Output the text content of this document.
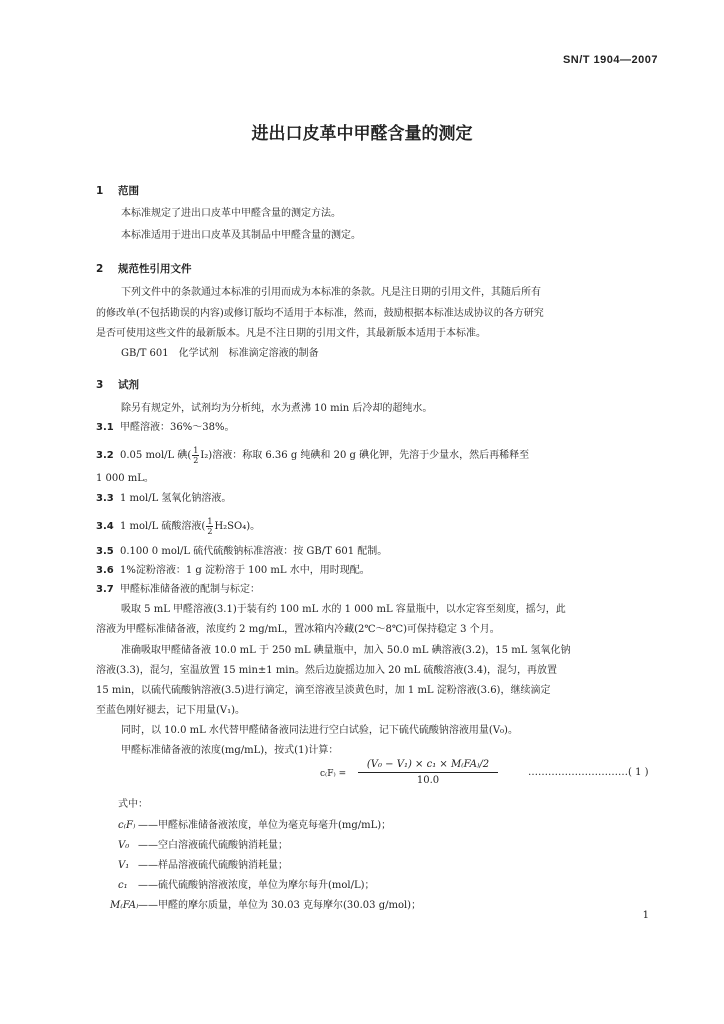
SN/T 1904—2007
进出口皮革中甲醛含量的测定
1 范围
本标准规定了进出口皮革中甲醛含量的测定方法。
本标准适用于进出口皮革及其制品中甲醛含量的测定。
2 规范性引用文件
下列文件中的条款通过本标准的引用而成为本标准的条款。凡是注日期的引用文件，其随后所有
的修改单(不包括勘误的内容)或修订版均不适用于本标准，然而，鼓励根据本标准达成协议的各方研究
是否可使用这些文件的最新版本。凡是不注日期的引用文件，其最新版本适用于本标准。
GB/T 601　化学试剂　标准滴定溶液的制备
3 试剂
除另有规定外，试剂均为分析纯，水为煮沸 10 min 后冷却的超纯水。
3.1 甲醛溶液：36%～38%。
3.2 0.05 mol/L 碘( $\frac{1}{2} I_2$)溶液：称取 6.36 g 纯碘和 20 g 碘化钾，先溶于少量水，然后再稀释至
1 000 mL。
3.3 1 mol/L 氢氧化钠溶液。
3.4 1 mol/L 硫酸溶液( $\frac{1}{2} H_2SO_4$)。
3.5 0.100 0 mol/L 硫代硫酸钠标准溶液：按 GB/T 601 配制。
3.6 1%淀粉溶液：1 g 淀粉溶于 100 mL 水中，用时现配。
3.7 甲醛标准储备液的配制与标定：
吸取 5 mL 甲醛溶液(3.1)于装有约 100 mL 水的 1 000 mL 容量瓶中，以水定容至刻度，摇匀，此
溶液为甲醛标准储备液，浓度约 2 mg/mL，置冰箱内冷藏(2℃～8℃)可保持稳定 3 个月。
准确吸取甲醛储备液 10.0 mL 于 250 mL 碘量瓶中，加入 50.0 mL 碘溶液(3.2)，15 mL 氢氧化钠
溶液(3.3)，混匀，室温放置 15 min±1 min。然后边旋摇边加入 20 mL 硫酸溶液(3.4)，混匀，再放置
15 min，以硫代硫酸钠溶液(3.5)进行滴定，滴至溶液呈淡黄色时，加 1 mL 淀粉溶液(3.6)，继续滴定
至蓝色刚好褪去，记下用量(V₁)。
同时，以 10.0 mL 水代替甲醛储备液同法进行空白试验，记下硫代硫酸钠溶液用量(V₀)。
甲醛标准储备液的浓度(mg/mL)，按式(1)计算：
c₍F₎ =
(V₀ − V₁) × c₁ × M₍FA₎/2
10.0
…………………………( 1 )
式中：
c₍F₎ ——甲醛标准储备液浓度，单位为毫克每毫升(mg/mL)；
V₀ ——空白溶液硫代硫酸钠消耗量；
V₁ ——样品溶液硫代硫酸钠消耗量；
c₁ ——硫代硫酸钠溶液浓度，单位为摩尔每升(mol/L)；
M₍FA₎——甲醛的摩尔质量，单位为 30.03 克每摩尔(30.03 g/mol)；
1
